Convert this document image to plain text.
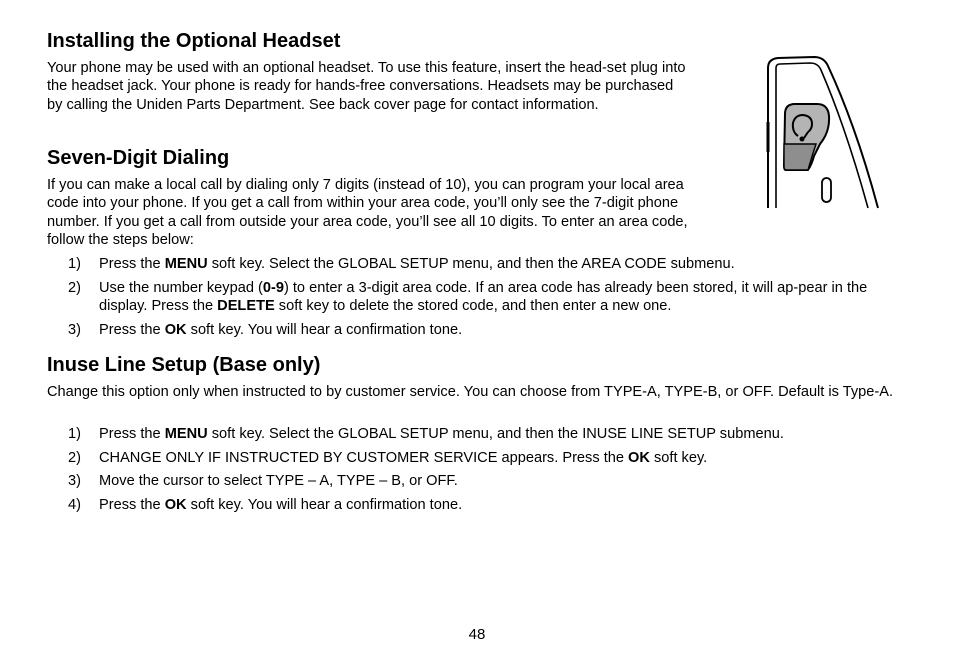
Installing the Optional Headset

Your phone may be used with an optional headset. To use this feature, insert the head-set plug into the headset jack. Your phone is ready for hands-free conversations. Headsets may be purchased by calling the Uniden Parts Department. See back cover page for contact information.

Seven-Digit Dialing

If you can make a local call by dialing only 7 digits (instead of 10), you can program your local area code into your phone. If you get a call from within your area code, you’ll only see the 7-digit phone number. If you get a call from outside your area code, you’ll see all 10 digits. To enter an area code, follow the steps below:

1) Press the MENU soft key. Select the GLOBAL SETUP menu, and then the AREA CODE submenu.
2) Use the number keypad (0-9) to enter a 3-digit area code. If an area code has already been stored, it will ap-pear in the display. Press the DELETE soft key to delete the stored code, and then enter a new one.
3) Press the OK soft key. You will hear a confirmation tone.
Inuse Line Setup (Base only)

Change this option only when instructed to by customer service. You can choose from TYPE-A, TYPE-B, or OFF. Default is Type-A.

1) Press the MENU soft key. Select the GLOBAL SETUP menu, and then the INUSE LINE SETUP submenu.
2) CHANGE ONLY IF INSTRUCTED BY CUSTOMER SERVICE appears. Press the OK soft key.
3) Move the cursor to select TYPE – A, TYPE – B, or OFF.
4) Press the OK soft key. You will hear a confirmation tone.
48
